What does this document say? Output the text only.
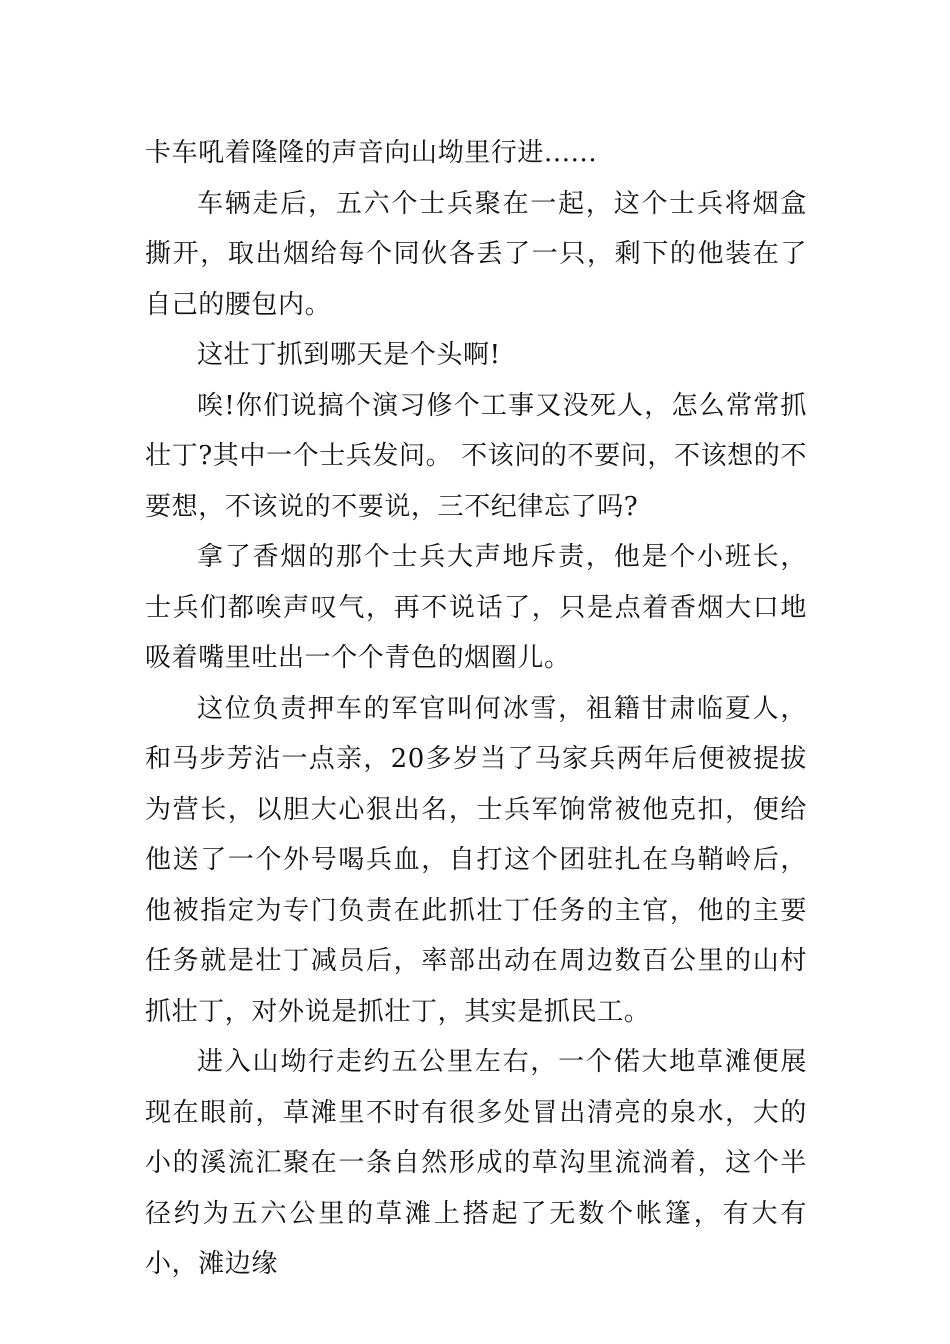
卡车吼着隆隆的声音向山坳里行进......

车辆走后，五六个士兵聚在一起，这个士兵将烟盒撕开，取出烟给每个同伙各丢了一只，剩下的他装在了自己的腰包内。

这壮丁抓到哪天是个头啊!

唉!你们说搞个演习修个工事又没死人，怎么常常抓壮丁?其中一个士兵发问。 不该问的不要问，不该想的不要想，不该说的不要说，三不纪律忘了吗?

拿了香烟的那个士兵大声地斥责，他是个小班长，士兵们都唉声叹气，再不说话了，只是点着香烟大口地吸着嘴里吐出一个个青色的烟圈儿。

这位负责押车的军官叫何冰雪，祖籍甘肃临夏人，和马步芳沾一点亲，20多岁当了马家兵两年后便被提拔为营长，以胆大心狠出名，士兵军饷常被他克扣，便给他送了一个外号喝兵血，自打这个团驻扎在乌鞘岭后，他被指定为专门负责在此抓壮丁任务的主官，他的主要任务就是壮丁减员后，率部出动在周边数百公里的山村抓壮丁，对外说是抓壮丁，其实是抓民工。

进入山坳行走约五公里左右，一个偌大地草滩便展现在眼前，草滩里不时有很多处冒出清亮的泉水，大的小的溪流汇聚在一条自然形成的草沟里流淌着，这个半径约为五六公里的草滩上搭起了无数个帐篷，有大有小，滩边缘
